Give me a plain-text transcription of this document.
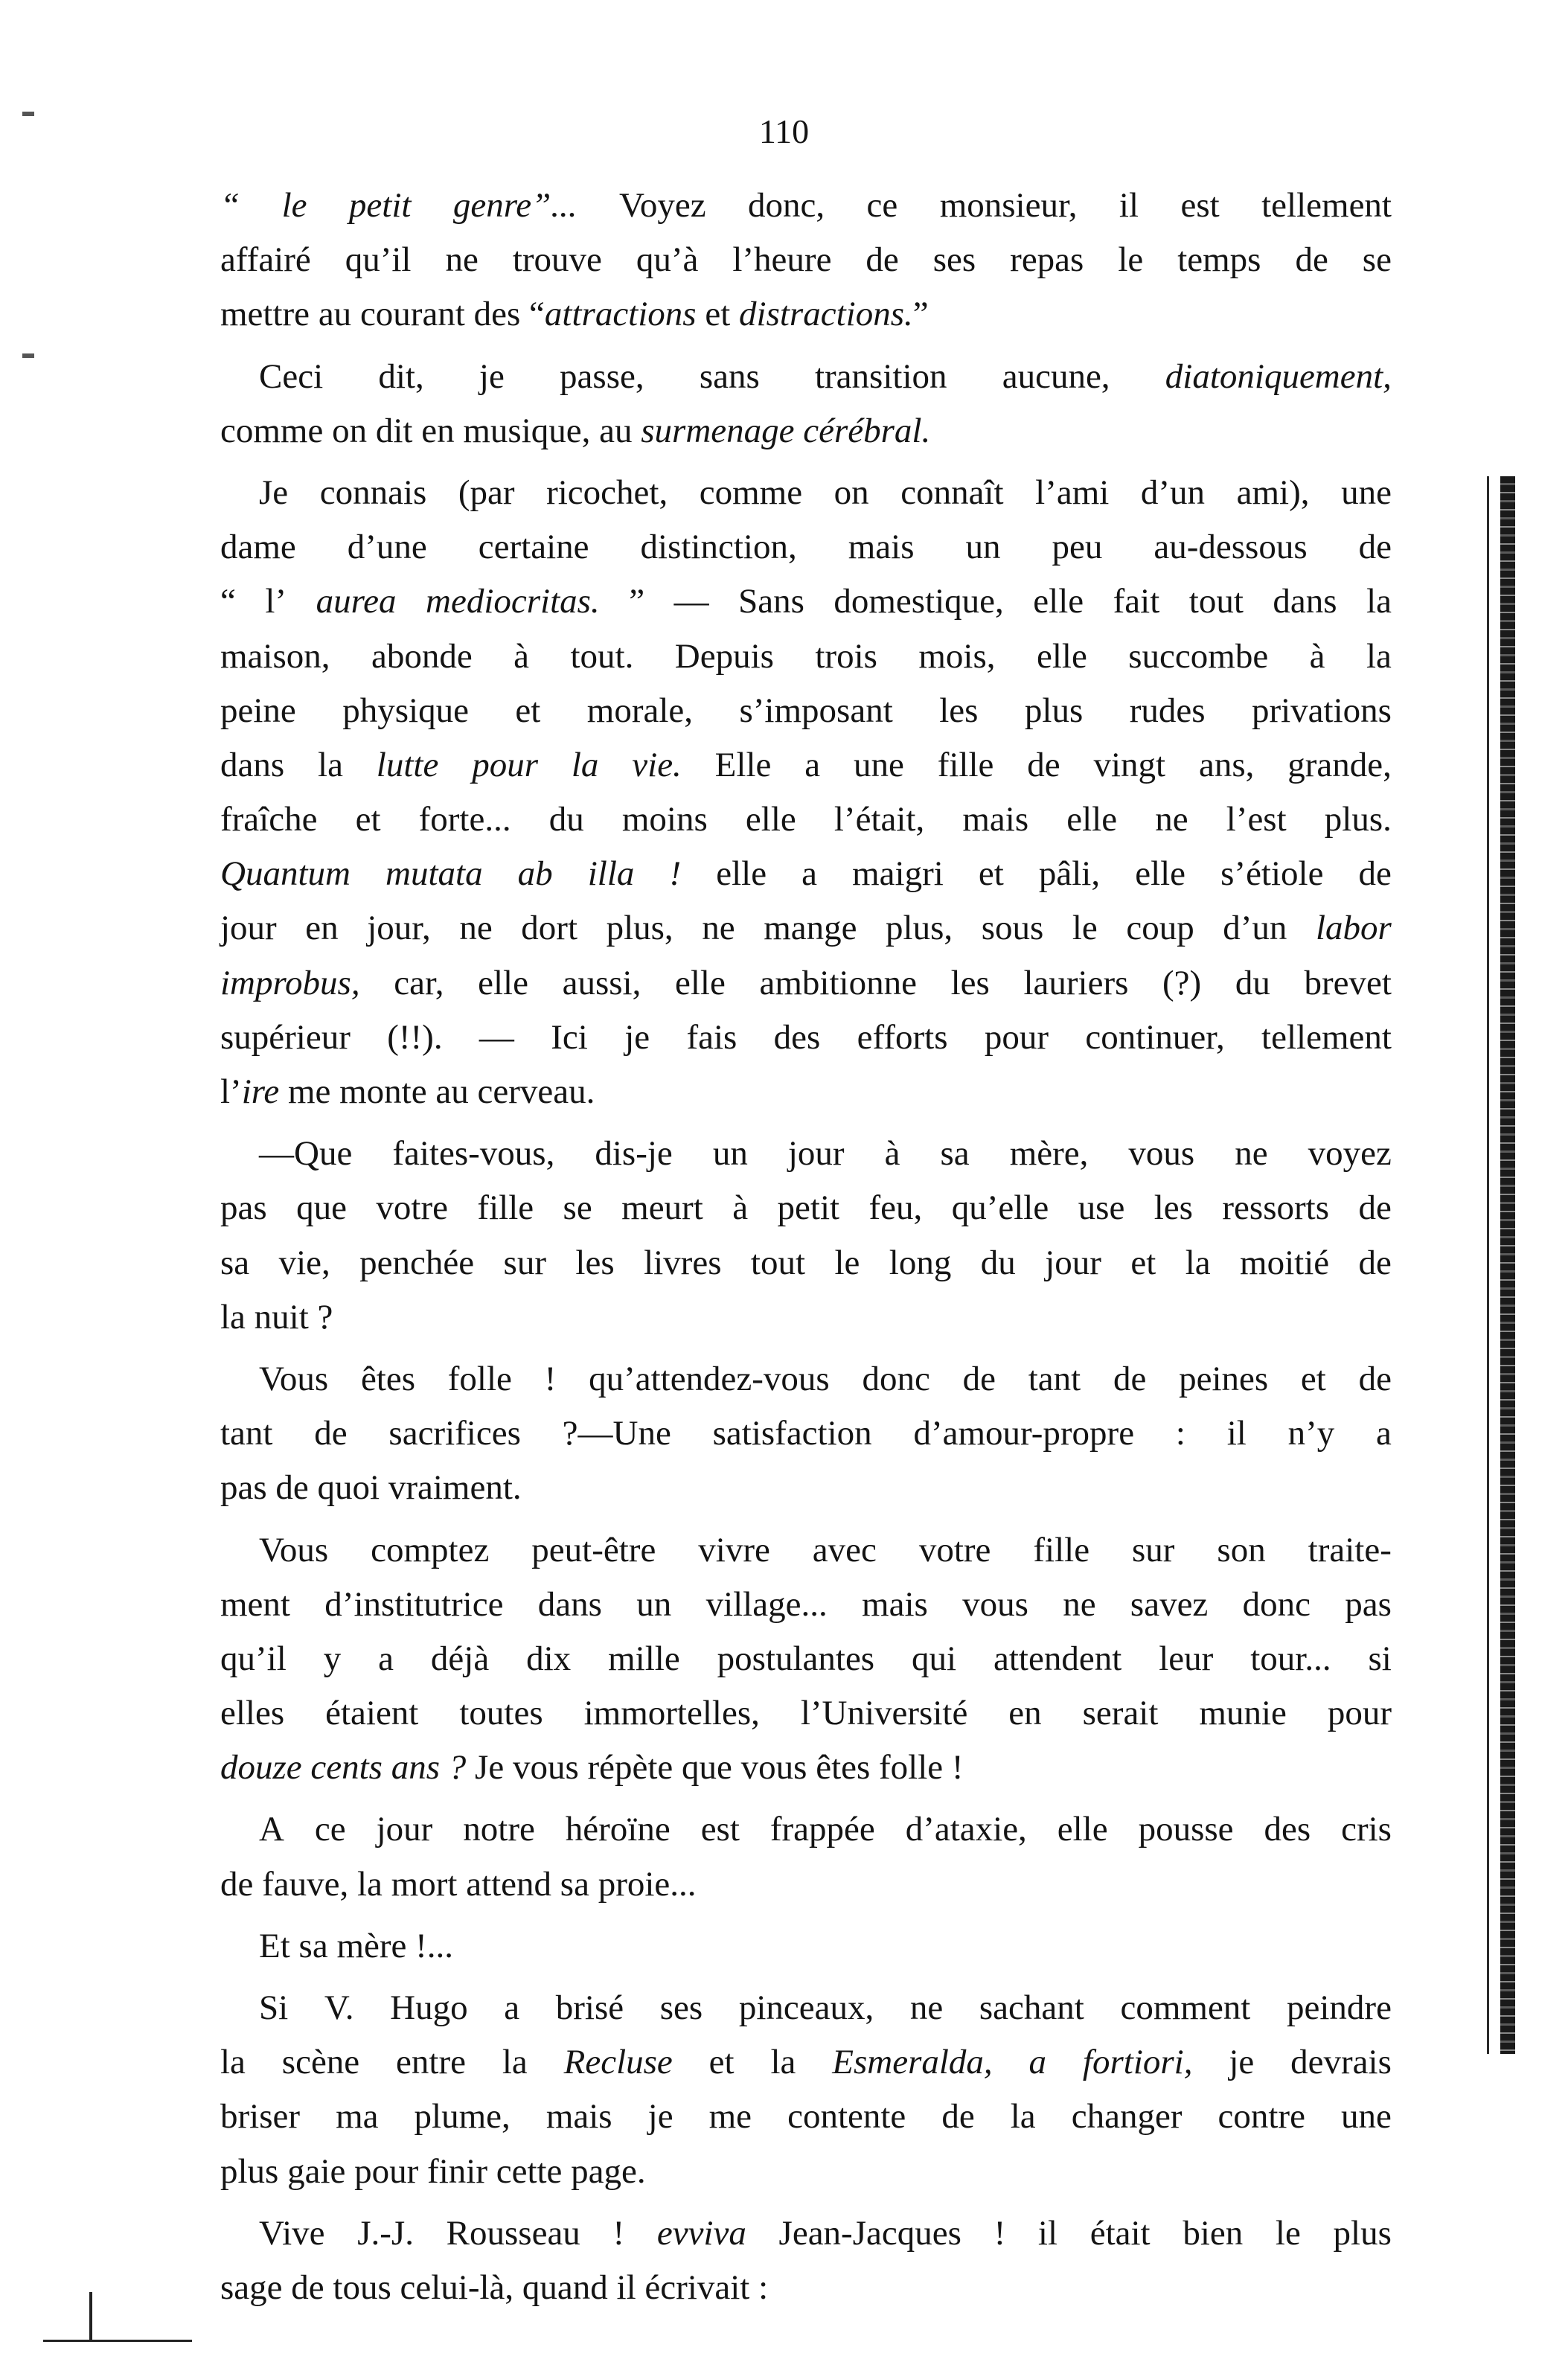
110
“ le petit genre”... Voyez donc, ce monsieur, il est tellement
affairé qu’il ne trouve qu’à l’heure de ses repas le temps de se
mettre
au
courant
des
“ attractions
et
distractions. ”
Ceci dit, je passe, sans transition aucune, diatoniquement,
comme
on
dit
en
musique,
au
surmenage
cérébral.
Je connais (par ricochet, comme on connaît l’ami d’un ami), une
dame d’une certaine distinction, mais un peu au-dessous de
“ l’ aurea mediocritas. ” — Sans domestique, elle fait tout dans la
maison, abonde à tout. Depuis trois mois, elle succombe à la
peine physique et morale, s’imposant les plus rudes privations
dans la lutte pour la vie. Elle a une fille de vingt ans, grande,
fraîche et forte... du moins elle l’était, mais elle ne l’est plus.
Quantum mutata ab illa ! elle a maigri et pâli, elle s’étiole de
jour en jour, ne dort plus, ne mange plus, sous le coup d’un labor
improbus, car, elle aussi, elle ambitionne les lauriers (?) du brevet
supérieur (!!). — Ici je fais des efforts pour continuer, tellement
l’ ire
me
monte
au
cerveau.
—Que faites-vous, dis-je un jour à sa mère, vous ne voyez
pas que votre fille se meurt à petit feu, qu’elle use les ressorts de
sa vie, penchée sur les livres tout le long du jour et la moitié de
la
nuit
?
Vous êtes folle ! qu’attendez-vous donc de tant de peines et de
tant de sacrifices ?—Une satisfaction d’amour-propre : il n’y a
pas
de
quoi
vraiment.
Vous comptez peut-être vivre avec votre fille sur son traite-
ment d’institutrice dans un village... mais vous ne savez donc pas
qu’il y a déjà dix mille postulantes qui attendent leur tour... si
elles étaient toutes immortelles, l’Université en serait munie pour
douze
cents
ans
?
Je
vous
répète
que
vous
êtes
folle
!
A ce jour notre héroïne est frappée d’ataxie, elle pousse des cris
de
fauve,
la
mort
attend
sa
proie...
Et
sa
mère
!...
Si V. Hugo a brisé ses pinceaux, ne sachant comment peindre
la scène entre la Recluse et la Esmeralda, a fortiori, je devrais
briser ma plume, mais je me contente de la changer contre une
plus
gaie
pour
finir
cette
page.
Vive J.-J. Rousseau ! evviva Jean-Jacques ! il était bien le plus
sage
de
tous
celui-là,
quand
il
écrivait
:
